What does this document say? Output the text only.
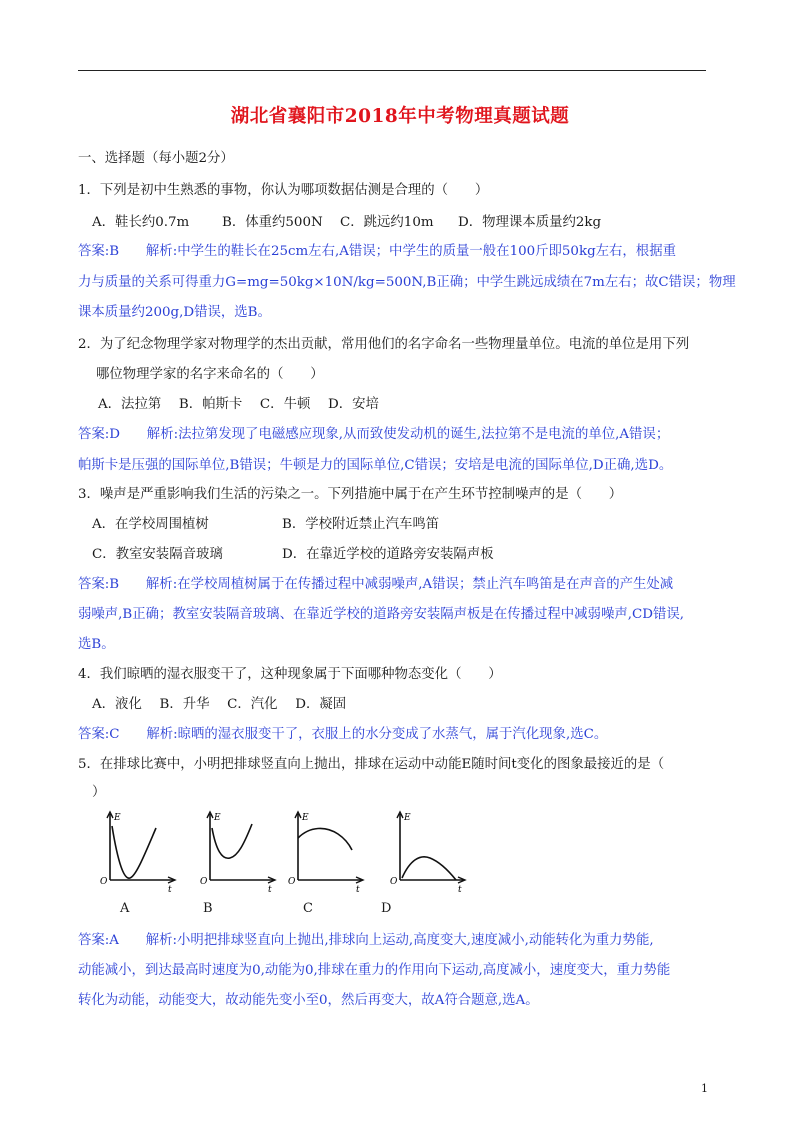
湖北省襄阳市2018年中考物理真题试题
一、选择题（每小题2分）
1．下列是初中生熟悉的事物，你认为哪项数据估测是合理的（　　）
A．鞋长约0.7m B．体重约500N C．跳远约10m D．物理课本质量约2kg
答案:B　　解析:中学生的鞋长在25cm左右,A错误；中学生的质量一般在100斤即50kg左右，根据重
力与质量的关系可得重力G=mg=50kg×10N/kg=500N,B正确；中学生跳远成绩在7m左右；故C错误；物理
课本质量约200g,D错误，选B。
2．为了纪念物理学家对物理学的杰出贡献，常用他们的名字命名一些物理量单位。电流的单位是用下列
哪位物理学家的名字来命名的（　　）
A．法拉第　 B．帕斯卡　 C．牛顿　 D．安培
答案:D　　解析:法拉第发现了电磁感应现象,从而致使发动机的诞生,法拉第不是电流的单位,A错误；
帕斯卡是压强的国际单位,B错误；牛顿是力的国际单位,C错误；安培是电流的国际单位,D正确,选D。
3．噪声是严重影响我们生活的污染之一。下列措施中属于在产生环节控制噪声的是（　　）
A．在学校周围植树	B．学校附近禁止汽车鸣笛
C．教室安装隔音玻璃	D．在靠近学校的道路旁安装隔声板
答案:B　　解析:在学校周植树属于在传播过程中减弱噪声,A错误；禁止汽车鸣笛是在声音的产生处减
弱噪声,B正确；教室安装隔音玻璃、在靠近学校的道路旁安装隔声板是在传播过程中减弱噪声,CD错误,
选B。
4．我们晾晒的湿衣服变干了，这种现象属于下面哪种物态变化（　　）
A．液化　 B．升华　 C．汽化　 D．凝固
答案:C　　解析:晾晒的湿衣服变干了，衣服上的水分变成了水蒸气，属于汽化现象,选C。
5．在排球比赛中，小明把排球竖直向上抛出，排球在运动中动能E随时间t变化的图象最接近的是（
）
E
O
t
E
O
t
E
O
t
E
O
t
A	B	C	D
答案:A　　解析:小明把排球竖直向上抛出,排球向上运动,高度变大,速度减小,动能转化为重力势能,
动能减小，到达最高时速度为0,动能为0,排球在重力的作用向下运动,高度减小，速度变大，重力势能
转化为动能，动能变大，故动能先变小至0，然后再变大，故A符合题意,选A。
1
